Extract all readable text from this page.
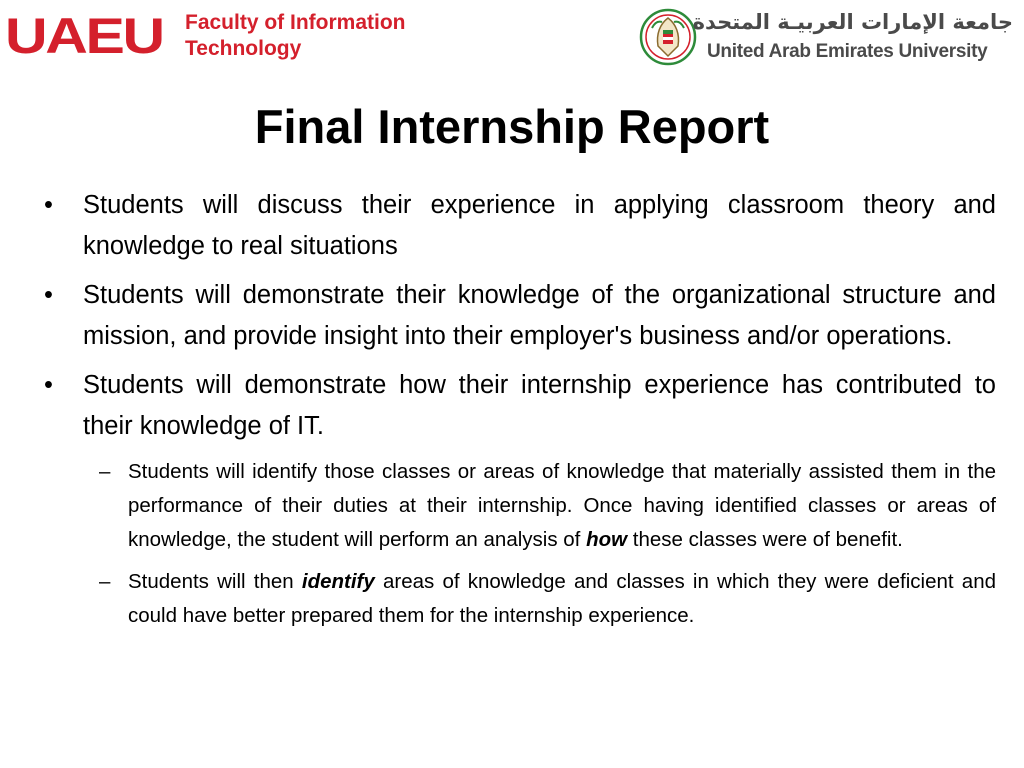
UAEU Faculty of Information
Technology
جامعة الإمارات العربيـة المتحدة
United Arab Emirates University
Final Internship Report
• Students will discuss their experience in applying classroom theory and knowledge to real situations
• Students will demonstrate their knowledge of the organizational structure and mission, and provide insight into their employer's business and/or operations.
• Students will demonstrate how their internship experience has contributed to their knowledge of IT.
– Students will identify those classes or areas of knowledge that materially assisted them in the performance of their duties at their internship. Once having identified classes or areas of knowledge, the student will perform an analysis of how these classes were of benefit.
– Students will then identify areas of knowledge and classes in which they were deficient and could have better prepared them for the internship experience.
